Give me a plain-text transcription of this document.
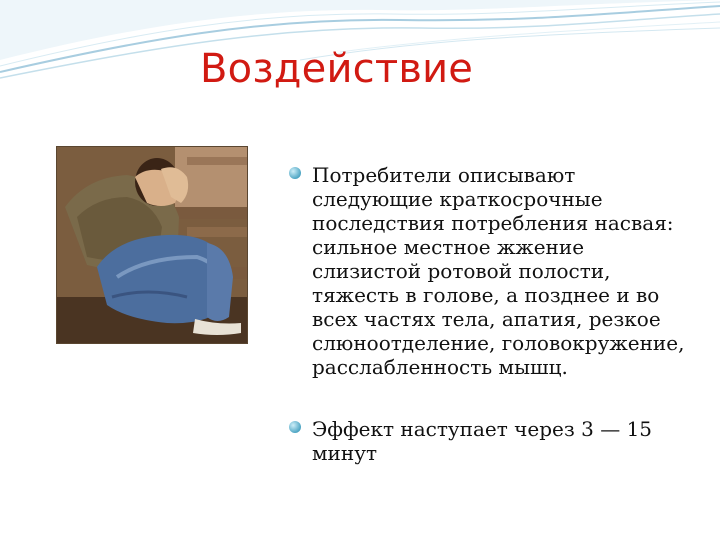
Воздействие
Потребители описывают следующие краткосрочные последствия потребления насвая: сильное местное жжение слизистой ротовой полости, тяжесть в голове, а позднее и во всех частях тела, апатия, резкое слюноотделение, головокружение, расслабленность мышц.
Эффект наступает через 3 — 15 минут
